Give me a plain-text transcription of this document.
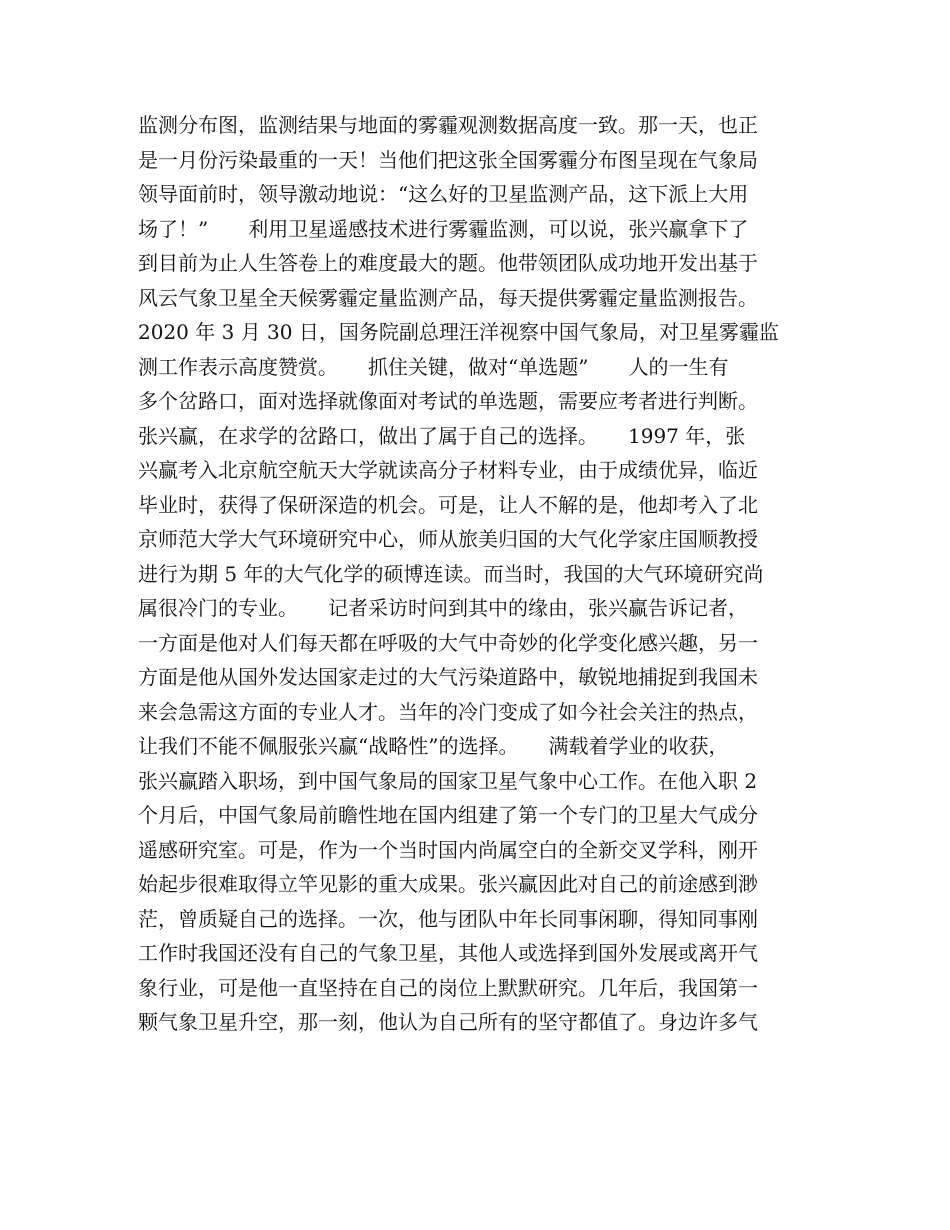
监测分布图，监测结果与地面的雾霾观测数据高度一致。那一天，也正
是一月份污染最重的一天！当他们把这张全国雾霾分布图呈现在气象局
领导面前时，领导激动地说：“这么好的卫星监测产品，这下派上大用
场了！”　　利用卫星遥感技术进行雾霾监测，可以说，张兴赢拿下了
到目前为止人生答卷上的难度最大的题。他带领团队成功地开发出基于
风云气象卫星全天候雾霾定量监测产品，每天提供雾霾定量监测报告。
2020 年 3 月 30 日，国务院副总理汪洋视察中国气象局，对卫星雾霾监
测工作表示高度赞赏。　　抓住关键，做对“单选题”　　人的一生有
多个岔路口，面对选择就像面对考试的单选题，需要应考者进行判断。
张兴赢，在求学的岔路口，做出了属于自己的选择。　　1997 年，张
兴赢考入北京航空航天大学就读高分子材料专业，由于成绩优异，临近
毕业时，获得了保研深造的机会。可是，让人不解的是，他却考入了北
京师范大学大气环境研究中心，师从旅美归国的大气化学家庄国顺教授
进行为期 5 年的大气化学的硕博连读。而当时，我国的大气环境研究尚
属很冷门的专业。　　记者采访时问到其中的缘由，张兴赢告诉记者，
一方面是他对人们每天都在呼吸的大气中奇妙的化学变化感兴趣，另一
方面是他从国外发达国家走过的大气污染道路中，敏锐地捕捉到我国未
来会急需这方面的专业人才。当年的冷门变成了如今社会关注的热点，
让我们不能不佩服张兴赢“战略性”的选择。　　满载着学业的收获，
张兴赢踏入职场，到中国气象局的国家卫星气象中心工作。在他入职 2
个月后，中国气象局前瞻性地在国内组建了第一个专门的卫星大气成分
遥感研究室。可是，作为一个当时国内尚属空白的全新交叉学科，刚开
始起步很难取得立竿见影的重大成果。张兴赢因此对自己的前途感到渺
茫，曾质疑自己的选择。一次，他与团队中年长同事闲聊，得知同事刚
工作时我国还没有自己的气象卫星，其他人或选择到国外发展或离开气
象行业，可是他一直坚持在自己的岗位上默默研究。几年后，我国第一
颗气象卫星升空，那一刻，他认为自己所有的坚守都值了。身边许多气
